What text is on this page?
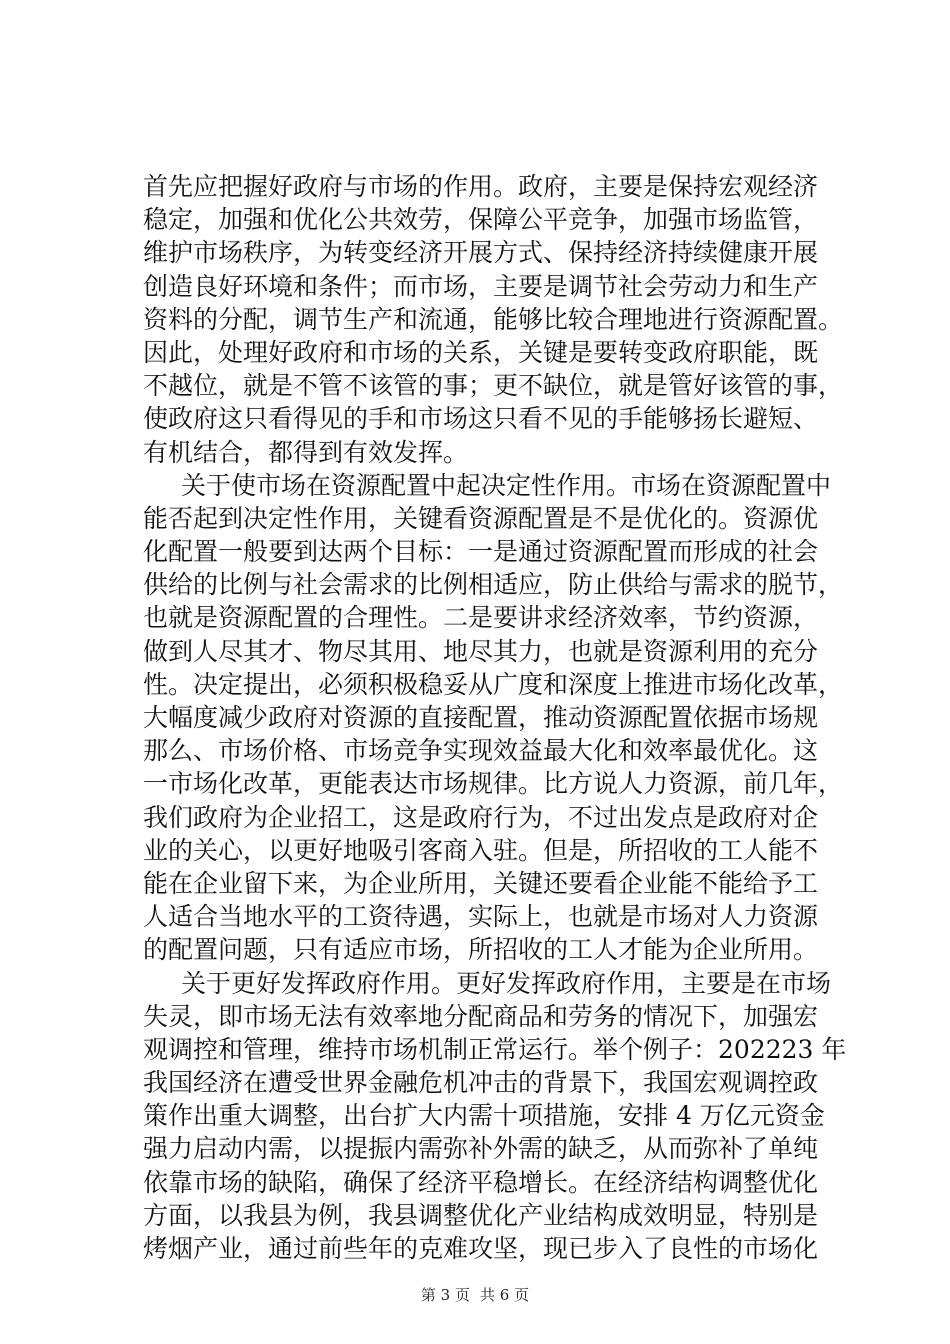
首先应把握好政府与市场的作用。政府，主要是保持宏观经济
稳定，加强和优化公共效劳，保障公平竞争，加强市场监管，
维护市场秩序，为转变经济开展方式、保持经济持续健康开展
创造良好环境和条件；而市场，主要是调节社会劳动力和生产
资料的分配，调节生产和流通，能够比较合理地进行资源配置。
因此，处理好政府和市场的关系，关键是要转变政府职能，既
不越位，就是不管不该管的事；更不缺位，就是管好该管的事，
使政府这只看得见的手和市场这只看不见的手能够扬长避短、
有机结合，都得到有效发挥。
关于使市场在资源配置中起决定性作用。市场在资源配置中
能否起到决定性作用，关键看资源配置是不是优化的。资源优
化配置一般要到达两个目标：一是通过资源配置而形成的社会
供给的比例与社会需求的比例相适应，防止供给与需求的脱节，
也就是资源配置的合理性。二是要讲求经济效率，节约资源，
做到人尽其才、物尽其用、地尽其力，也就是资源利用的充分
性。决定提出，必须积极稳妥从广度和深度上推进市场化改革，
大幅度减少政府对资源的直接配置，推动资源配置依据市场规
那么、市场价格、市场竞争实现效益最大化和效率最优化。这
一市场化改革，更能表达市场规律。比方说人力资源，前几年，
我们政府为企业招工，这是政府行为，不过出发点是政府对企
业的关心，以更好地吸引客商入驻。但是，所招收的工人能不
能在企业留下来，为企业所用，关键还要看企业能不能给予工
人适合当地水平的工资待遇，实际上，也就是市场对人力资源
的配置问题，只有适应市场，所招收的工人才能为企业所用。
关于更好发挥政府作用。更好发挥政府作用，主要是在市场
失灵，即市场无法有效率地分配商品和劳务的情况下，加强宏
观调控和管理，维持市场机制正常运行。举个例子：202223 年
我国经济在遭受世界金融危机冲击的背景下，我国宏观调控政
策作出重大调整，出台扩大内需十项措施，安排 4 万亿元资金
强力启动内需，以提振内需弥补外需的缺乏，从而弥补了单纯
依靠市场的缺陷，确保了经济平稳增长。在经济结构调整优化
方面，以我县为例，我县调整优化产业结构成效明显，特别是
烤烟产业，通过前些年的克难攻坚，现已步入了良性的市场化
第 3 页 共 6 页
